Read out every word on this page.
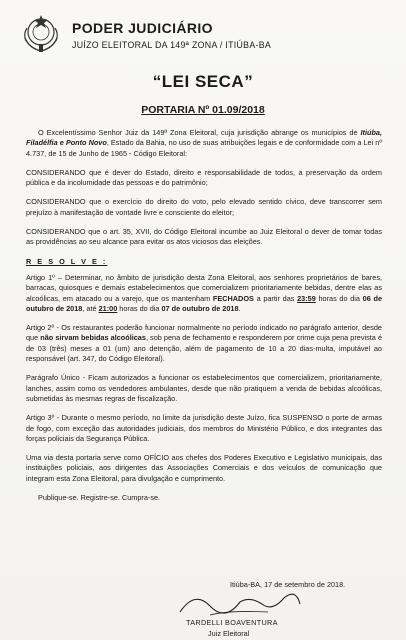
PODER JUDICIÁRIO
JUÍZO ELEITORAL DA 149ª ZONA / ITIÚBA-BA
“LEI SECA”
PORTARIA Nº 01.09/2018

O Excelentíssimo Senhor Juiz da 149ª Zona Eleitoral, cuja jurisdição abrange os municípios de Itiúba, Filadélfia e Ponto Novo, Estado da Bahia, no uso de suas atribuições legais e de conformidade com a Lei nº 4.737, de 15 de Junho de 1965 - Código Eleitoral:

CONSIDERANDO que é dever do Estado, direito e responsabilidade de todos, a preservação da ordem pública e da incolumidade das pessoas e do patrimônio;

CONSIDERANDO que o exercício do direito do voto, pelo elevado sentido cívico, deve transcorrer sem prejuízo à manifestação de vontade livre e consciente do eleitor;

CONSIDERANDO que o art. 35, XVII, do Código Eleitoral incumbe ao Juiz Eleitoral o dever de tomar todas as providências ao seu alcance para evitar os atos viciosos das eleições.

R E S O L V E :

Artigo 1º – Determinar, no âmbito de jurisdição desta Zona Eleitoral, aos senhores proprietários de bares, barracas, quiosques e demais estabelecimentos que comercializem prioritariamente bebidas, dentre elas as alcoólicas, em atacado ou a varejo, que os mantenham FECHADOS a partir das 23:59 horas do dia 06 de outubro de 2018, até 21:00 horas do dia 07 de outubro de 2018.

Artigo 2º - Os restaurantes poderão funcionar normalmente no período indicado no parágrafo anterior, desde que não sirvam bebidas alcoólicas, sob pena de fechamento e responderem por crime cuja pena prevista é de 03 (três) meses a 01 (um) ano detenção, além de pagamento de 10 a 20 dias-multa, imputável ao responsável (art. 347, do Código Eleitoral).

Parágrafo Único - Ficam autorizados a funcionar os estabelecimentos que comercializem, prioritariamente, lanches, assim como os vendedores ambulantes, desde que não pratiquem a venda de bebidas alcoólicas, submetidas às mesmas regras de fiscalização.

Artigo 3º - Durante o mesmo período, no limite da jurisdição deste Juízo, fica SUSPENSO o porte de armas de fogo, com exceção das autoridades judiciais, dos membros do Ministério Público, e dos integrantes das forças policiais da Segurança Pública.

Uma via desta portaria serve como OFÍCIO aos chefes dos Poderes Executivo e Legislativo municipais, das instituições policiais, aos dirigentes das Associações Comerciais e dos veículos de comunicação que integram esta Zona Eleitoral, para divulgação e cumprimento.

Publique-se. Registre-se. Cumpra-se.

Itiúba-BA, 17 de setembro de 2018.
TARDELLI BOAVENTURA
Juiz Eleitoral
